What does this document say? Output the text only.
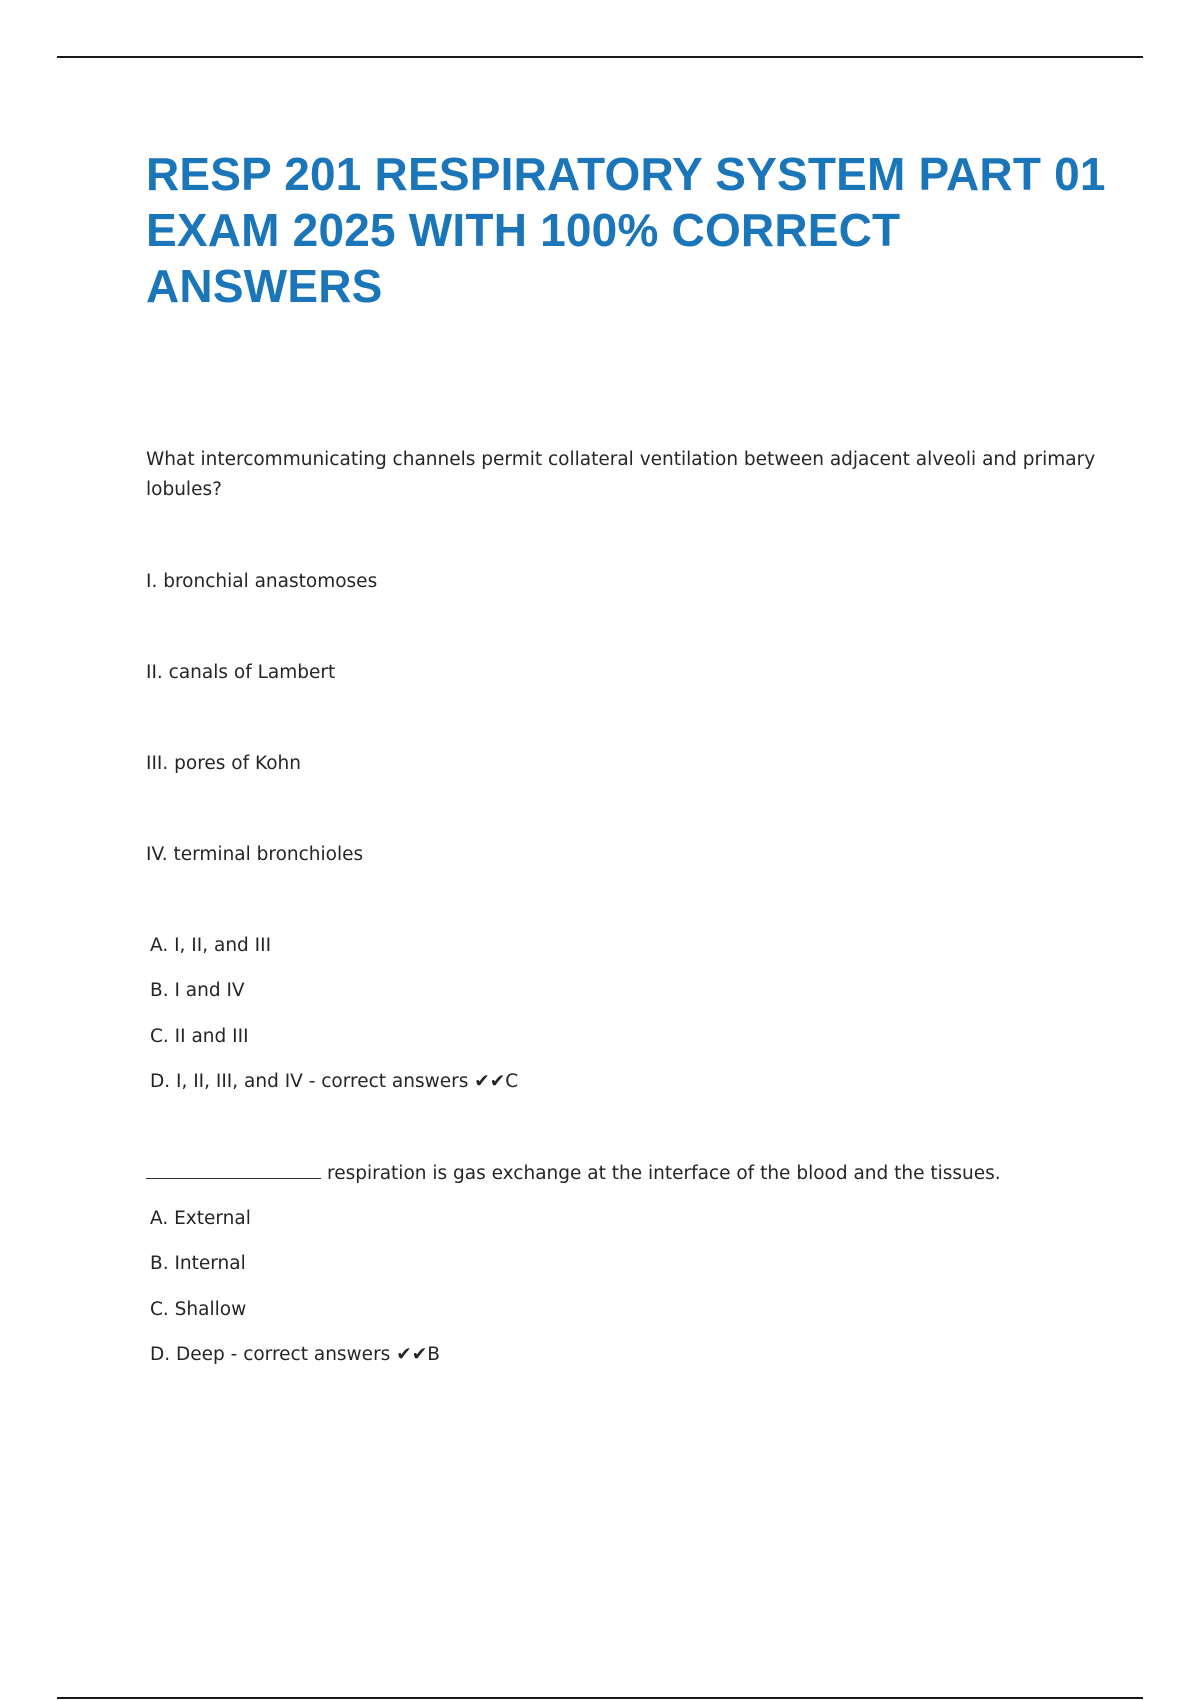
RESP 201 RESPIRATORY SYSTEM PART 01 EXAM 2025 WITH 100% CORRECT ANSWERS

What intercommunicating channels permit collateral ventilation between adjacent alveoli and primary lobules?

I. bronchial anastomoses

II. canals of Lambert

III. pores of Kohn

IV. terminal bronchioles

A. I, II, and III

B. I and IV

C. II and III

D. I, II, III, and IV - correct answers ✔✔C

respiration is gas exchange at the interface of the blood and the tissues.

A. External

B. Internal

C. Shallow

D. Deep - correct answers ✔✔B
